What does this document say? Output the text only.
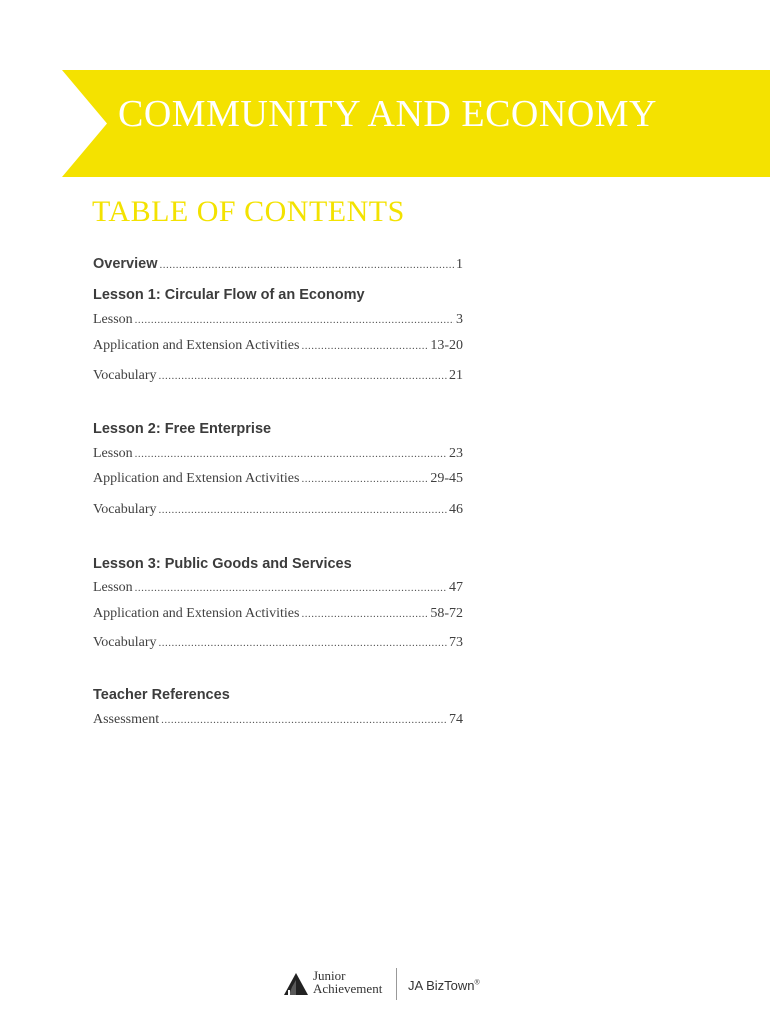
COMMUNITY AND ECONOMY
TABLE OF CONTENTS
Overview .....	1
Lesson 1: Circular Flow of an Economy
Lesson .....	3
Application and Extension Activities .....	13-20
Vocabulary .....	21
Lesson 2: Free Enterprise
Lesson .....	23
Application and Extension Activities .....	29-45
Vocabulary .....	46
Lesson 3: Public Goods and Services
Lesson .....	47
Application and Extension Activities .....	58-72
Vocabulary .....	73
Teacher References
Assessment .....	74
Junior
Achievement	JA BizTown®
